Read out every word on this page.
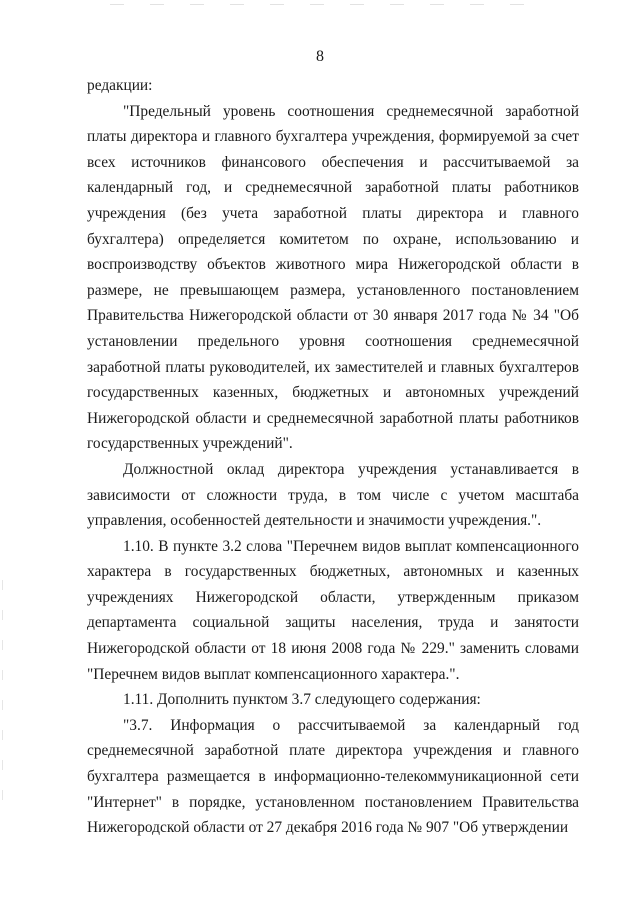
8

редакции:

"Предельный уровень соотношения среднемесячной заработной платы директора и главного бухгалтера учреждения, формируемой за счет всех источников финансового обеспечения и рассчитываемой за календарный год, и среднемесячной заработной платы работников учреждения (без учета заработной платы директора и главного бухгалтера) определяется комитетом по охране, использованию и воспроизводству объектов животного мира Нижегородской области в размере, не превышающем размера, установленного постановлением Правительства Нижегородской области от 30 января 2017 года № 34 "Об установлении предельного уровня соотношения среднемесячной заработной платы руководителей, их заместителей и главных бухгалтеров государственных казенных, бюджетных и автономных учреждений Нижегородской области и среднемесячной заработной платы работников государственных учреждений".

Должностной оклад директора учреждения устанавливается в зависимости от сложности труда, в том числе с учетом масштаба управления, особенностей деятельности и значимости учреждения.".

1.10. В пункте 3.2 слова "Перечнем видов выплат компенсационного характера в государственных бюджетных, автономных и казенных учреждениях Нижегородской области, утвержденным приказом департамента социальной защиты населения, труда и занятости Нижегородской области от 18 июня 2008 года № 229." заменить словами "Перечнем видов выплат компенсационного характера.".

1.11. Дополнить пунктом 3.7 следующего содержания:

"3.7. Информация о рассчитываемой за календарный год среднемесячной заработной плате директора учреждения и главного бухгалтера размещается в информационно-телекоммуникационной сети "Интернет" в порядке, установленном постановлением Правительства Нижегородской области от 27 декабря 2016 года № 907 "Об утверждении
